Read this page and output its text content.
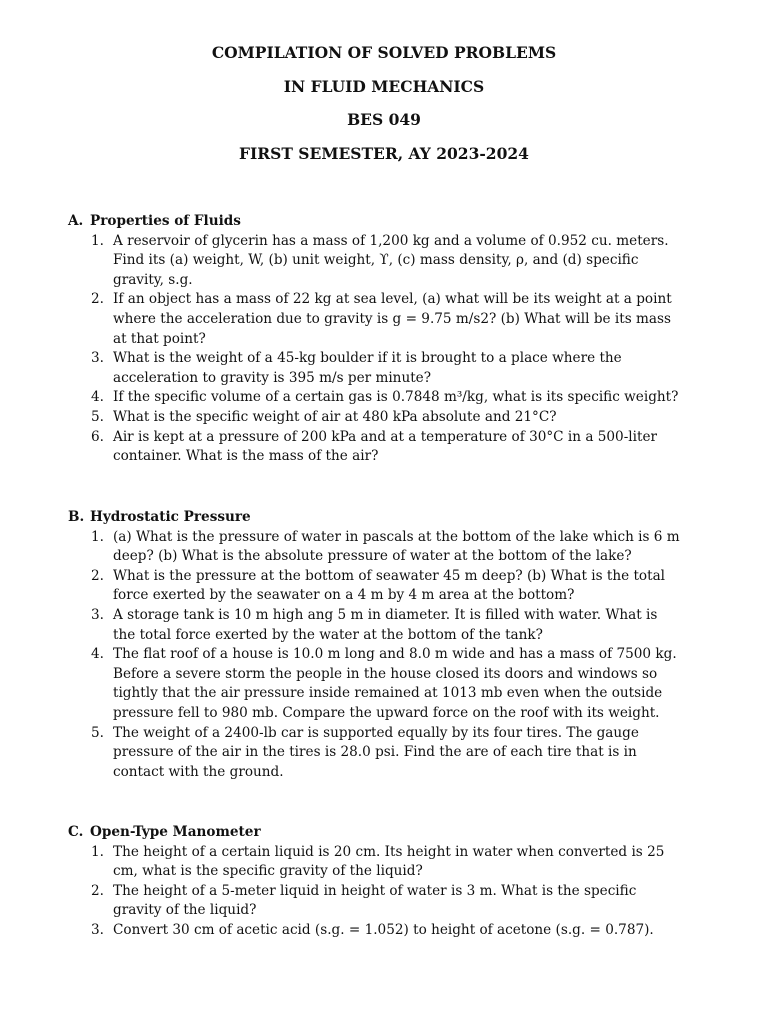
COMPILATION OF SOLVED PROBLEMS
IN FLUID MECHANICS
BES 049
FIRST SEMESTER, AY 2023-2024
A. Properties of Fluids
1. A reservoir of glycerin has a mass of 1,200 kg and a volume of 0.952 cu. meters.
Find its (a) weight, W, (b) unit weight, ϒ, (c) mass density, ρ, and (d) specific
gravity, s.g.
2. If an object has a mass of 22 kg at sea level, (a) what will be its weight at a point
where the acceleration due to gravity is g = 9.75 m/s2? (b) What will be its mass
at that point?
3. What is the weight of a 45-kg boulder if it is brought to a place where the
acceleration to gravity is 395 m/s per minute?
4. If the specific volume of a certain gas is 0.7848 m³/kg, what is its specific weight?
5. What is the specific weight of air at 480 kPa absolute and 21°C?
6. Air is kept at a pressure of 200 kPa and at a temperature of 30°C in a 500-liter
container. What is the mass of the air?
B. Hydrostatic Pressure
1. (a) What is the pressure of water in pascals at the bottom of the lake which is 6 m
deep? (b) What is the absolute pressure of water at the bottom of the lake?
2. What is the pressure at the bottom of seawater 45 m deep? (b) What is the total
force exerted by the seawater on a 4 m by 4 m area at the bottom?
3. A storage tank is 10 m high ang 5 m in diameter. It is filled with water. What is
the total force exerted by the water at the bottom of the tank?
4. The flat roof of a house is 10.0 m long and 8.0 m wide and has a mass of 7500 kg.
Before a severe storm the people in the house closed its doors and windows so
tightly that the air pressure inside remained at 1013 mb even when the outside
pressure fell to 980 mb. Compare the upward force on the roof with its weight.
5. The weight of a 2400-lb car is supported equally by its four tires. The gauge
pressure of the air in the tires is 28.0 psi. Find the are of each tire that is in
contact with the ground.
C. Open-Type Manometer
1. The height of a certain liquid is 20 cm. Its height in water when converted is 25
cm, what is the specific gravity of the liquid?
2. The height of a 5-meter liquid in height of water is 3 m. What is the specific
gravity of the liquid?
3. Convert 30 cm of acetic acid (s.g. = 1.052) to height of acetone (s.g. = 0.787).
